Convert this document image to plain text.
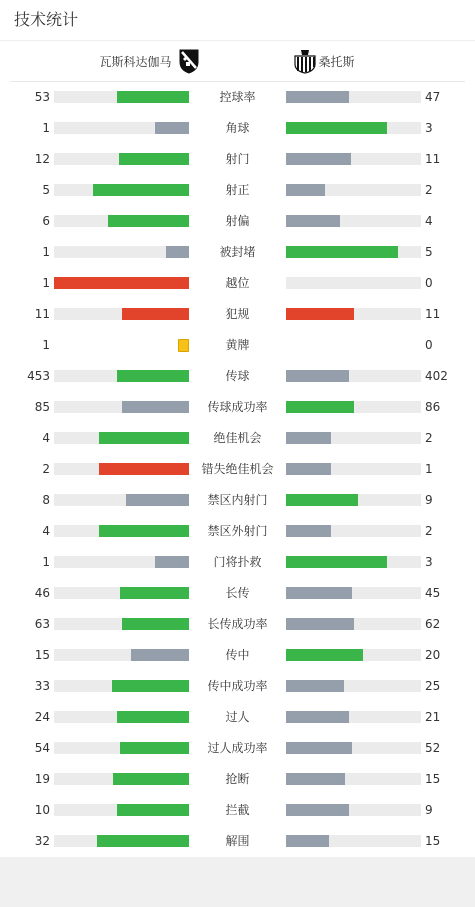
技术统计
瓦斯科达伽马	桑托斯
53	控球率	47
1	角球	3
12	射门	11
5	射正	2
6	射偏	4
1	被封堵	5
1	越位	0
11	犯规	11
1	黄牌	0
453	传球	402
85	传球成功率	86
4	绝佳机会	2
2	错失绝佳机会	1
8	禁区内射门	9
4	禁区外射门	2
1	门将扑救	3
46	长传	45
63	长传成功率	62
15	传中	20
33	传中成功率	25
24	过人	21
54	过人成功率	52
19	抢断	15
10	拦截	9
32	解围	15
